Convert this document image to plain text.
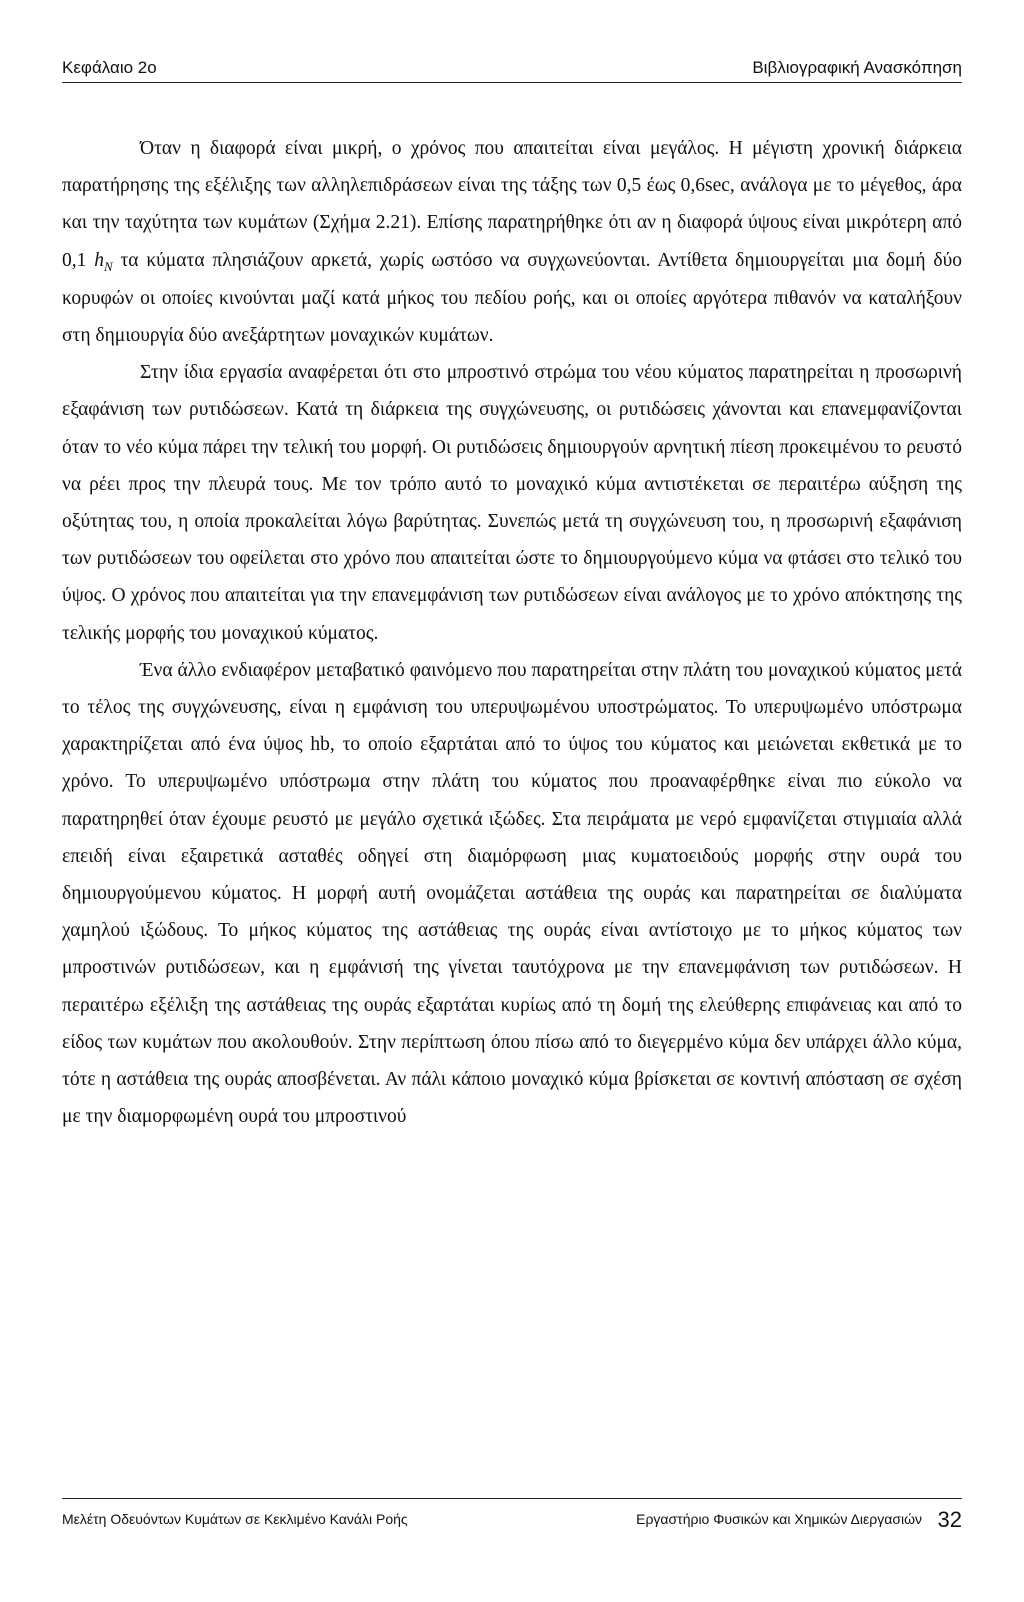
Κεφάλαιο 2ο	Βιβλιογραφική Ανασκόπηση

Όταν η διαφορά είναι μικρή, ο χρόνος που απαιτείται είναι μεγάλος. Η μέγιστη χρονική διάρκεια παρατήρησης της εξέλιξης των αλληλεπιδράσεων είναι της τάξης των 0,5 έως 0,6sec, ανάλογα με το μέγεθος, άρα και την ταχύτητα των κυμάτων (Σχήμα 2.21). Επίσης παρατηρήθηκε ότι αν η διαφορά ύψους είναι μικρότερη από 0,1 $h_N$ τα κύματα πλησιάζουν αρκετά, χωρίς ωστόσο να συγχωνεύονται. Αντίθετα δημιουργείται μια δομή δύο κορυφών οι οποίες κινούνται μαζί κατά μήκος του πεδίου ροής, και οι οποίες αργότερα πιθανόν να καταλήξουν στη δημιουργία δύο ανεξάρτητων μοναχικών κυμάτων.

Στην ίδια εργασία αναφέρεται ότι στο μπροστινό στρώμα του νέου κύματος παρατηρείται η προσωρινή εξαφάνιση των ρυτιδώσεων. Κατά τη διάρκεια της συγχώνευσης, οι ρυτιδώσεις χάνονται και επανεμφανίζονται όταν το νέο κύμα πάρει την τελική του μορφή. Οι ρυτιδώσεις δημιουργούν αρνητική πίεση προκειμένου το ρευστό να ρέει προς την πλευρά τους. Με τον τρόπο αυτό το μοναχικό κύμα αντιστέκεται σε περαιτέρω αύξηση της οξύτητας του, η οποία προκαλείται λόγω βαρύτητας. Συνεπώς μετά τη συγχώνευση του, η προσωρινή εξαφάνιση των ρυτιδώσεων του οφείλεται στο χρόνο που απαιτείται ώστε το δημιουργούμενο κύμα να φτάσει στο τελικό του ύψος. Ο χρόνος που απαιτείται για την επανεμφάνιση των ρυτιδώσεων είναι ανάλογος με το χρόνο απόκτησης της τελικής μορφής του μοναχικού κύματος.

Ένα άλλο ενδιαφέρον μεταβατικό φαινόμενο που παρατηρείται στην πλάτη του μοναχικού κύματος μετά το τέλος της συγχώνευσης, είναι η εμφάνιση του υπερυψωμένου υποστρώματος. Το υπερυψωμένο υπόστρωμα χαρακτηρίζεται από ένα ύψος hb, το οποίο εξαρτάται από το ύψος του κύματος και μειώνεται εκθετικά με το χρόνο. Το υπερυψωμένο υπόστρωμα στην πλάτη του κύματος που προαναφέρθηκε είναι πιο εύκολο να παρατηρηθεί όταν έχουμε ρευστό με μεγάλο σχετικά ιξώδες. Στα πειράματα με νερό εμφανίζεται στιγμιαία αλλά επειδή είναι εξαιρετικά ασταθές οδηγεί στη διαμόρφωση μιας κυματοειδούς μορφής στην ουρά του δημιουργούμενου κύματος. Η μορφή αυτή ονομάζεται αστάθεια της ουράς και παρατηρείται σε διαλύματα χαμηλού ιξώδους. Το μήκος κύματος της αστάθειας της ουράς είναι αντίστοιχο με το μήκος κύματος των μπροστινών ρυτιδώσεων, και η εμφάνισή της γίνεται ταυτόχρονα με την επανεμφάνιση των ρυτιδώσεων. Η περαιτέρω εξέλιξη της αστάθειας της ουράς εξαρτάται κυρίως από τη δομή της ελεύθερης επιφάνειας και από το είδος των κυμάτων που ακολουθούν. Στην περίπτωση όπου πίσω από το διεγερμένο κύμα δεν υπάρχει άλλο κύμα, τότε η αστάθεια της ουράς αποσβένεται. Αν πάλι κάποιο μοναχικό κύμα βρίσκεται σε κοντινή απόσταση σε σχέση με την διαμορφωμένη ουρά του μπροστινού

Μελέτη Οδευόντων Κυμάτων σε Κεκλιμένο Κανάλι Ροής	Εργαστήριο Φυσικών και Χημικών Διεργασιών 32
